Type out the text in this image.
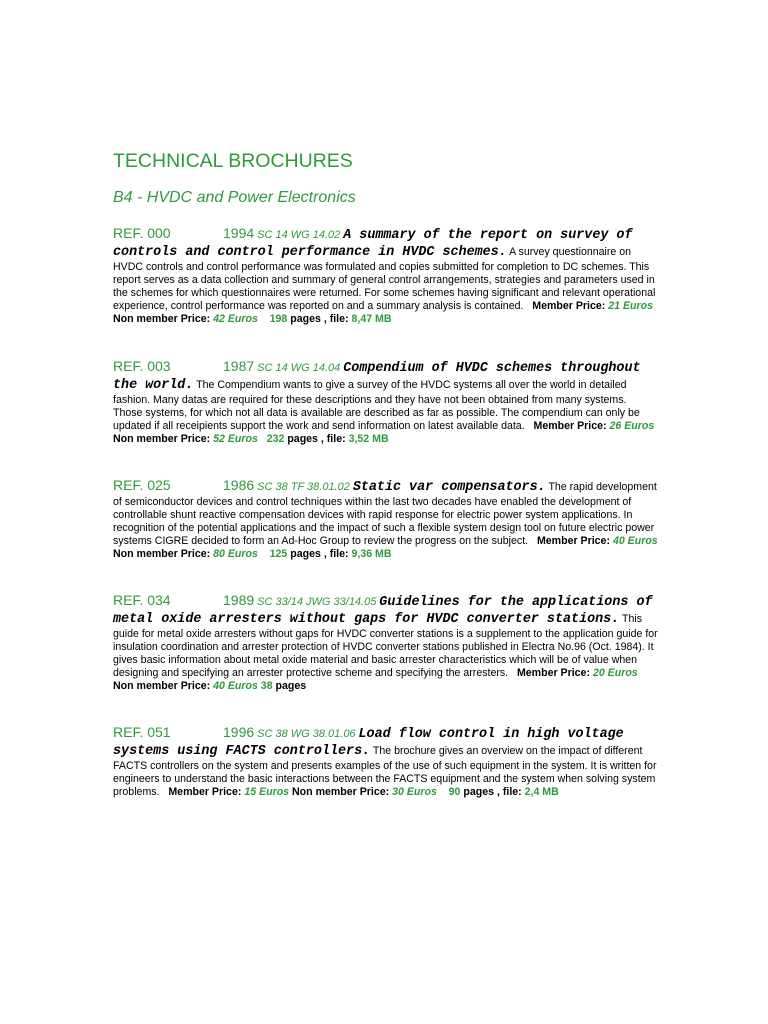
TECHNICAL BROCHURES
B4 - HVDC and Power Electronics
REF. 000	1994 SC 14 WG 14.02 A summary of the report on survey of controls and control performance in HVDC schemes. A survey questionnaire on HVDC controls and control performance was formulated and copies submitted for completion to DC schemes. This report serves as a data collection and summary of general control arrangements, strategies and parameters used in the schemes for which questionnaires were returned. For some schemes having significant and relevant operational experience, control performance was reported on and a summary analysis is contained. Member Price: 21 Euros Non member Price: 42 Euros 198 pages , file: 8,47 MB
REF. 003	1987 SC 14 WG 14.04 Compendium of HVDC schemes throughout the world. The Compendium wants to give a survey of the HVDC systems all over the world in detailed fashion. Many datas are required for these descriptions and they have not been obtained from many systems. Those systems, for which not all data is available are described as far as possible. The compendium can only be updated if all receipients support the work and send information on latest available data. Member Price: 26 Euros Non member Price: 52 Euros 232 pages , file: 3,52 MB
REF. 025	1986 SC 38 TF 38.01.02 Static var compensators. The rapid development of semiconductor devices and control techniques within the last two decades have enabled the development of controllable shunt reactive compensation devices with rapid response for electric power system applications. In recognition of the potential applications and the impact of such a flexible system design tool on future electric power systems CIGRE decided to form an Ad-Hoc Group to review the progress on the subject. Member Price: 40 Euros Non member Price: 80 Euros 125 pages , file: 9,36 MB
REF. 034	1989 SC 33/14 JWG 33/14.05 Guidelines for the applications of metal oxide arresters without gaps for HVDC converter stations. This guide for metal oxide arresters without gaps for HVDC converter stations is a supplement to the application guide for insulation coordination and arrester protection of HVDC converter stations published in Electra No.96 (Oct. 1984). It gives basic information about metal oxide material and basic arrester characteristics which will be of value when designing and specifying an arrester protective scheme and specifying the arresters. Member Price: 20 Euros Non member Price: 40 Euros 38 pages
REF. 051	1996 SC 38 WG 38.01.06 Load flow control in high voltage systems using FACTS controllers. The brochure gives an overview on the impact of different FACTS controllers on the system and presents examples of the use of such equipment in the system. It is written for engineers to understand the basic interactions between the FACTS equipment and the system when solving system problems. Member Price: 15 Euros Non member Price: 30 Euros 90 pages , file: 2,4 MB
